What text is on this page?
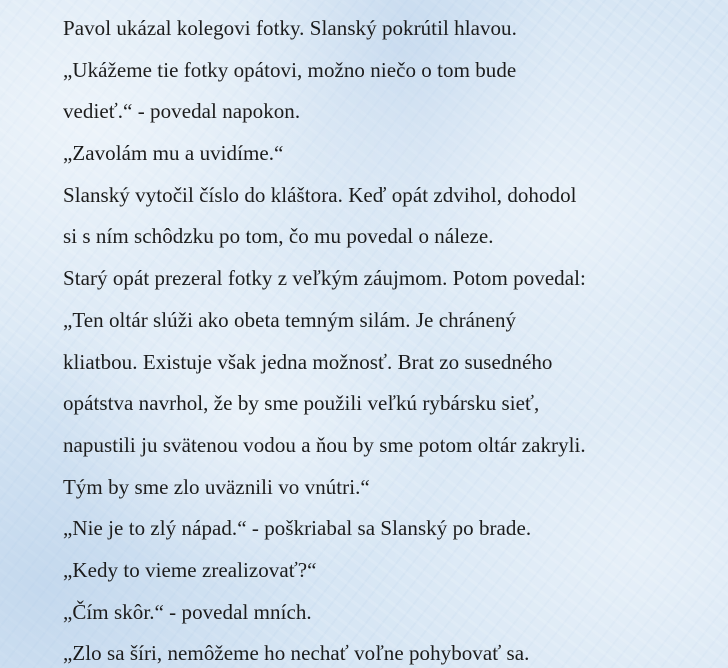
Pavol ukázal kolegovi fotky. Slanský pokrútil hlavou.
„Ukážeme tie fotky opátovi, možno niečo o tom bude
vedieť.“ - povedal napokon.
„Zavolám mu a uvidíme.“
Slanský vytočil číslo do kláštora. Keď opát zdvihol, dohodol
si s ním schôdzku po tom, čo mu povedal o náleze.
Starý opát prezeral fotky z veľkým záujmom. Potom povedal:
„Ten oltár slúži ako obeta temným silám. Je chránený
kliatbou. Existuje však jedna možnosť. Brat zo susedného
opátstva navrhol, že by sme použili veľkú rybársku sieť,
napustili ju svätenou vodou a ňou by sme potom oltár zakryli.
Tým by sme zlo uväznili vo vnútri.“
„Nie je to zlý nápad.“ - poškriabal sa Slanský po brade.
„Kedy to vieme zrealizovať?“
„Čím skôr.“ - povedal mních.
„Zlo sa šíri, nemôžeme ho nechať voľne pohybovať sa.
